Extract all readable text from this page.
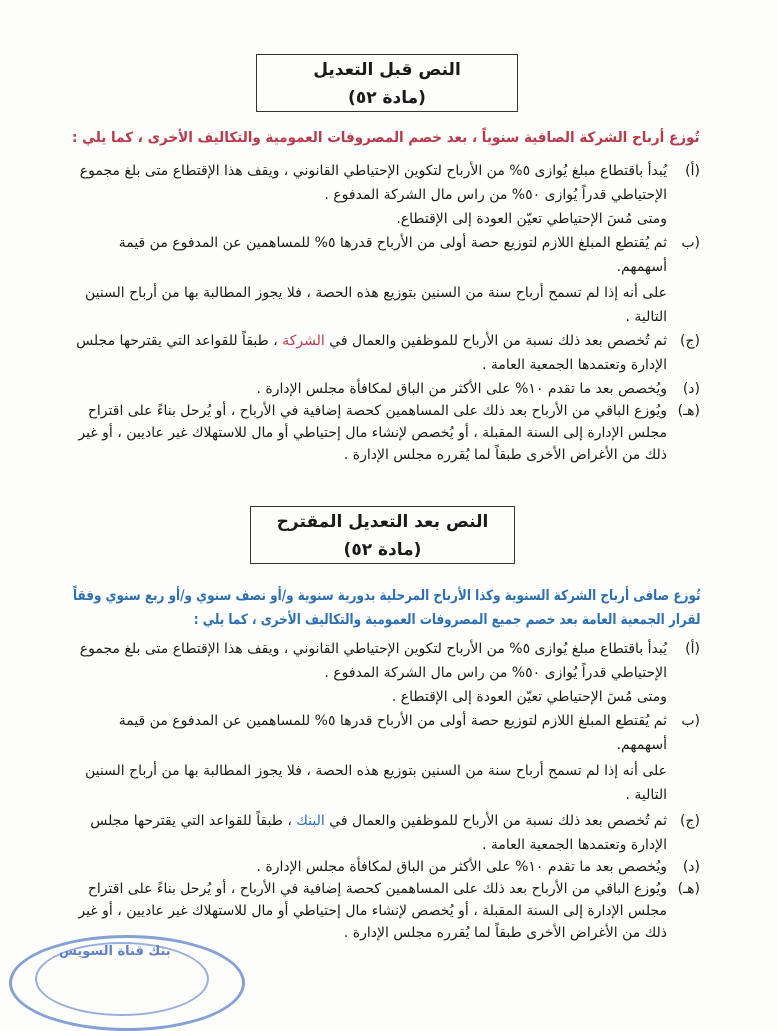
النص قبل التعديل
(مادة ٥٢)
تُوزع أرباح الشركة الصافية سنوياً ، بعد خصم المصروفات العمومية والتكاليف الأخرى ، كما يلي :
(أ)
يُبدأ باقتطاع مبلغ يُوازى ٥% من الأرباح لتكوين الإحتياطي القانوني ، ويقف هذا الإقتطاع متى بلغ مجموع
الإحتياطي قدراً يُوازى ٥٠% من راس مال الشركة المدفوع .
ومتى مُسَ الإحتياطي تعيّن العودة إلى الإقتطاع.
(ب
ثم يُقتطع المبلغ اللازم لتوزيع حصة أولى من الأرباح قدرها ٥% للمساهمين عن المدفوع من قيمة
أسهمهم.
على أنه إذا لم تسمح أرباح سنة من السنين بتوزيع هذه الحصة ، فلا يجوز المطالبة بها من أرباح السنين
التالية .
(ج)
ثم تُخصص بعد ذلك نسبة من الأرباح للموظفين والعمال في الشركة ، طبقاً للقواعد التي يقترحها مجلس
الإدارة وتعتمدها الجمعية العامة .
(د)
ويُخصص بعد ما تقدم ١٠% على الأكثر من الباق لمكافأة مجلس الإدارة .
(هـ)
ويُوزع الباقي من الأرباح بعد ذلك على المساهمين كحصة إضافية في الأرباح ، أو يُرحل بناءً على اقتراح
مجلس الإدارة إلى السنة المقبلة ، أو يُخصص لإنشاء مال إحتياطي أو مال للاستهلاك غير عاديين ، أو غير
ذلك من الأغراض الأخرى طبقاً لما يُقرره مجلس الإدارة .
النص بعد التعديل المقترح
(مادة ٥٢)
تُوزع صافى أرباح الشركة السنوية وكذا الأرباح المرحلية بدورية سنوية و/أو نصف سنوي و/أو ربع سنوي وفقاً
لقرار الجمعية العامة بعد خصم جميع المصروفات العمومية والتكاليف الأخرى ، كما يلي :
(أ)
يُبدأ باقتطاع مبلغ يُوازى ٥% من الأرباح لتكوين الإحتياطي القانوني ، ويقف هذا الإقتطاع متى بلغ مجموع
الإحتياطي قدراً يُوازى ٥٠% من راس مال الشركة المدفوع .
ومتى مُسَ الإحتياطي تعيّن العودة إلى الإقتطاع .
(ب
ثم يُقتطع المبلغ اللازم لتوزيع حصة أولى من الأرباح قدرها ٥% للمساهمين عن المدفوع من قيمة
أسهمهم.
على أنه إذا لم تسمح أرباح سنة من السنين بتوزيع هذه الحصة ، فلا يجوز المطالبة بها من أرباح السنين
التالية .
(ج)
ثم تُخصص بعد ذلك نسبة من الأرباح للموظفين والعمال في البنك ، طبقاً للقواعد التي يقترحها مجلس
الإدارة وتعتمدها الجمعية العامة .
(د)
ويُخصص بعد ما تقدم ١٠% على الأكثر من الباق لمكافأة مجلس الإدارة .
(هـ)
ويُوزع الباقي من الأرباح بعد ذلك على المساهمين كحصة إضافية في الأرباح ، أو يُرحل بناءً على اقتراح
مجلس الإدارة إلى السنة المقبلة ، أو يُخصص لإنشاء مال إحتياطي أو مال للاستهلاك غير عاديين ، أو غير
ذلك من الأغراض الأخرى طبقاً لما يُقرره مجلس الإدارة .
بنك قناة السويس
